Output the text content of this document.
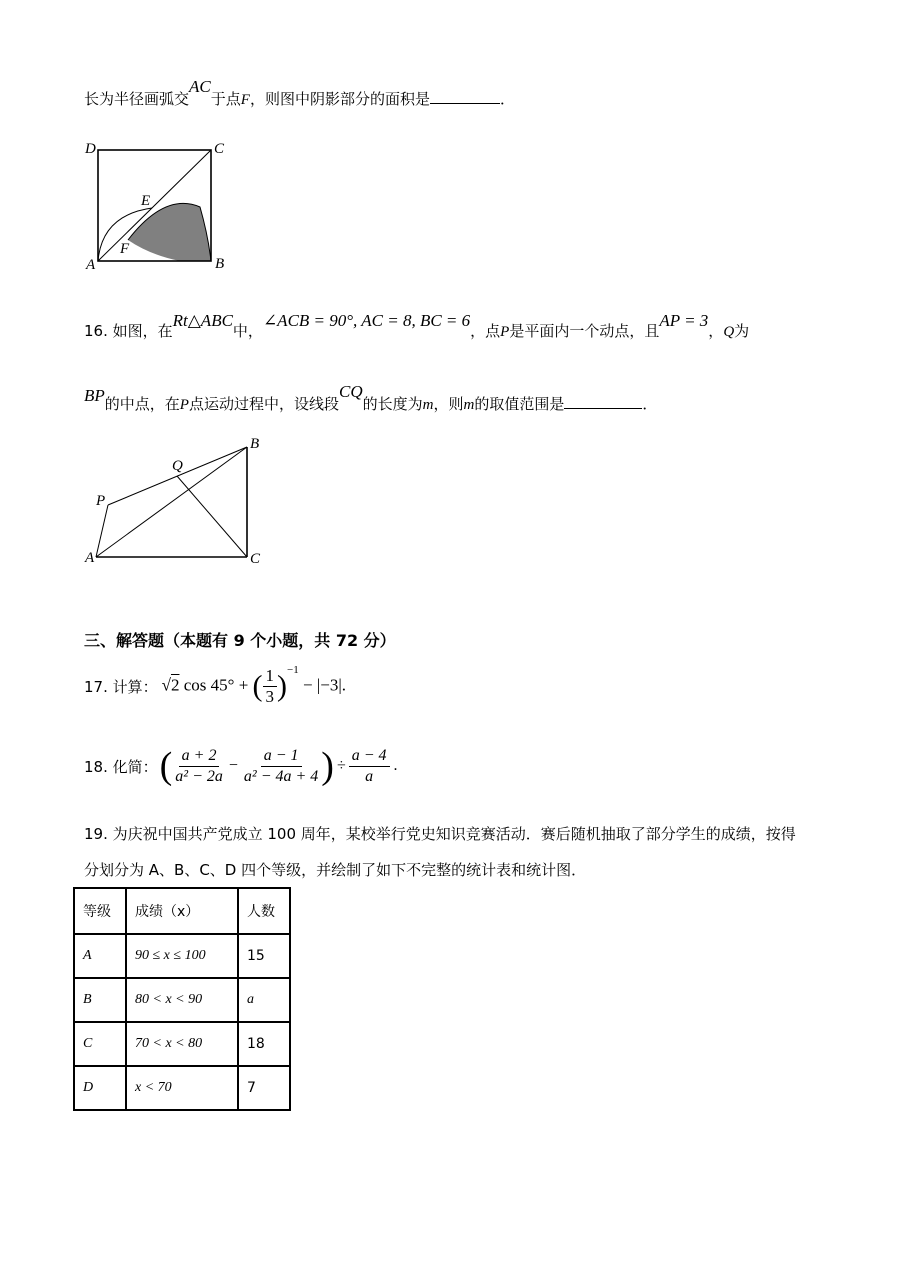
长为半径画弧交AC于点F，则图中阴影部分的面积是	．
D	C
E
F
A	B
16. 如图，在Rt△ABC中，∠ACB = 90°, AC = 8, BC = 6，点P是平面内一个动点，且AP = 3，Q为
BP的中点，在P点运动过程中，设线段CQ的长度为m，则m的取值范围是	．
B
Q
P
A	C
三、解答题（本题有 9 个小题，共 72 分）
17. 计算： √2 cos 45° + ( $\frac{1}{3} )^{-1} - |-3|$.
18. 化简： ( $\frac{a + 2}{\text{a² − 2a}} - \frac{a - 1}{\text{a² − 4a + 4}}$ ) ÷ $\frac{a - 4}{a}$ .
19. 为庆祝中国共产党成立 100 周年，某校举行党史知识竞赛活动．赛后随机抽取了部分学生的成绩，按得
分划分为 A、B、C、D 四个等级，并绘制了如下不完整的统计表和统计图．
等级	成绩（x）	人数
A	90 ≤ x ≤ 100	15
B	80 < x < 90	a
C	70 < x < 80	18
D	x < 70	7
